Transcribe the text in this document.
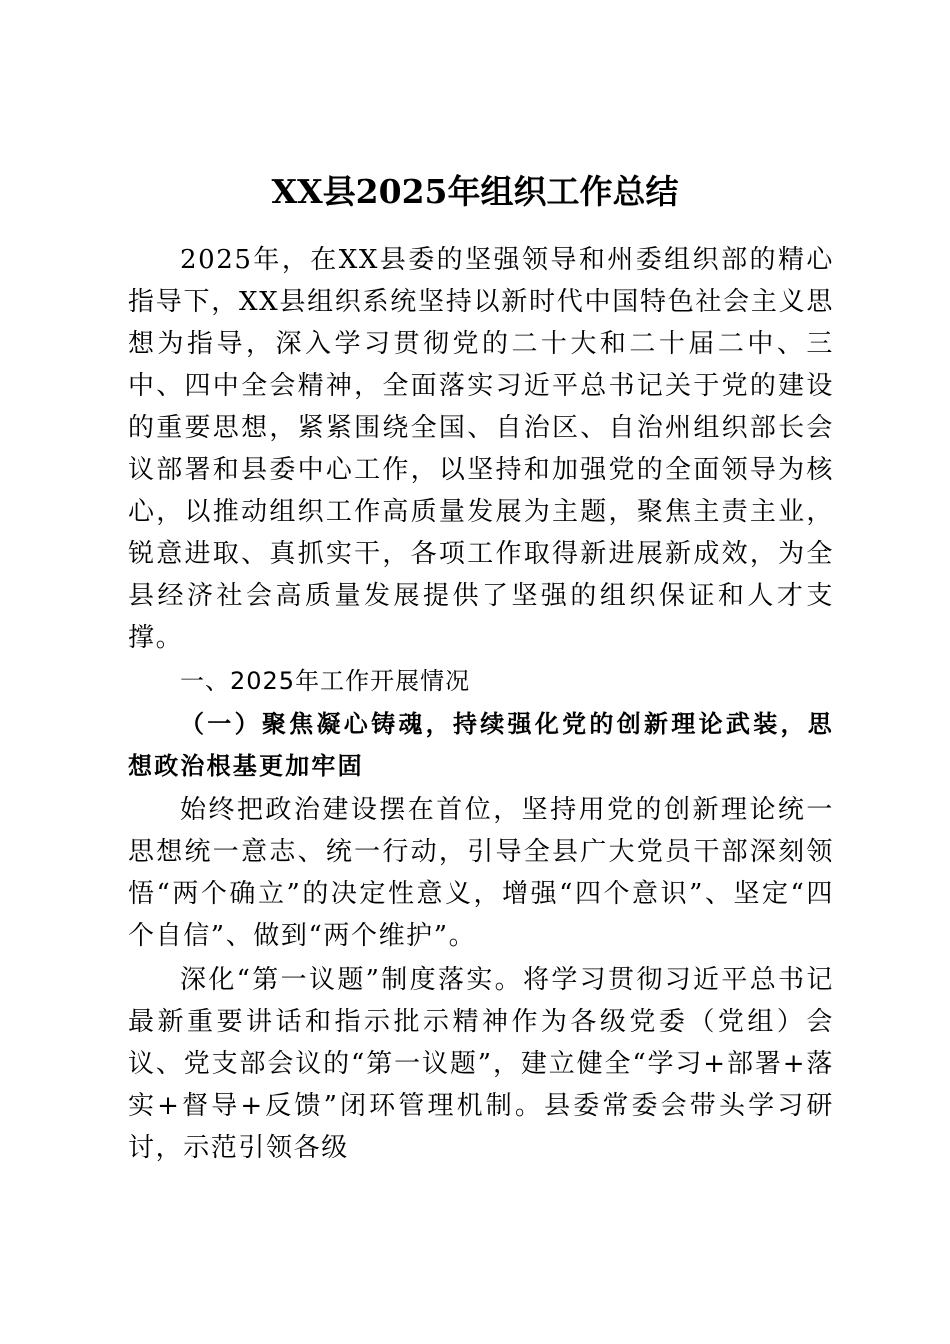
XX县2025年组织工作总结

2025年，在XX县委的坚强领导和州委组织部的精心指导下，XX县组织系统坚持以新时代中国特色社会主义思想为指导，深入学习贯彻党的二十大和二十届二中、三中、四中全会精神，全面落实习近平总书记关于党的建设的重要思想，紧紧围绕全国、自治区、自治州组织部长会议部署和县委中心工作，以坚持和加强党的全面领导为核心，以推动组织工作高质量发展为主题，聚焦主责主业，锐意进取、真抓实干，各项工作取得新进展新成效，为全县经济社会高质量发展提供了坚强的组织保证和人才支撑。

一、2025年工作开展情况

（一）聚焦凝心铸魂，持续强化党的创新理论武装，思想政治根基更加牢固

始终把政治建设摆在首位，坚持用党的创新理论统一思想统一意志、统一行动，引导全县广大党员干部深刻领悟“两个确立”的决定性意义，增强“四个意识”、坚定“四个自信”、做到“两个维护”。

深化“第一议题”制度落实。将学习贯彻习近平总书记最新重要讲话和指示批示精神作为各级党委（党组）会议、党支部会议的“第一议题”，建立健全“学习+部署+落实+督导+反馈”闭环管理机制。县委常委会带头学习研讨，示范引领各级
